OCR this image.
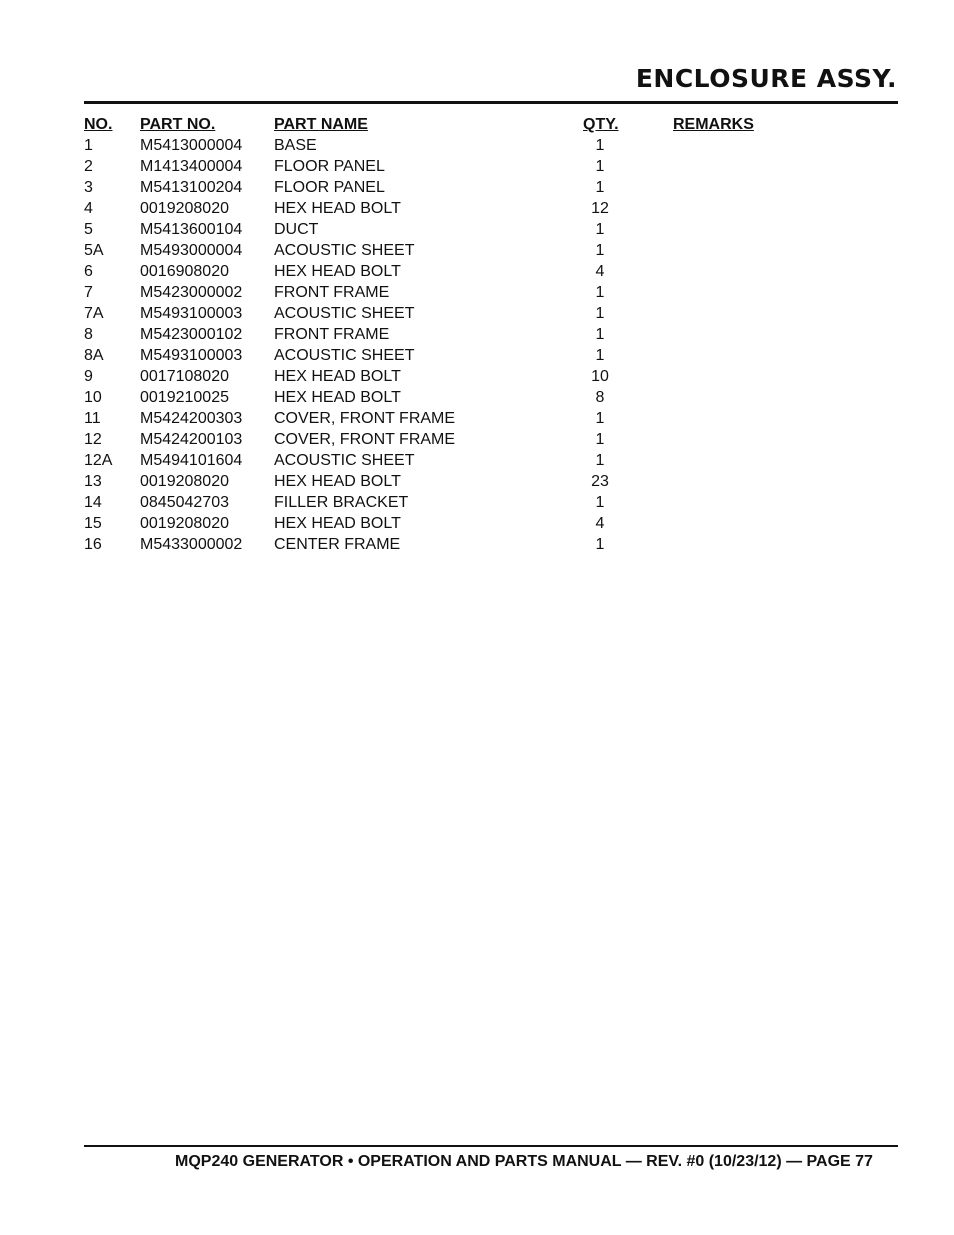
ENCLOSURE ASSY.
NO. PART NO.	PART NAME	QTY.	REMARKS
1	M5413000004 BASE	1
2	M1413400004 FLOOR PANEL	1
3	M5413100204 FLOOR PANEL	1
4	0019208020	HEX HEAD BOLT	12
5	M5413600104 DUCT	1
5A M5493000004 ACOUSTIC SHEET	1
6	0016908020	HEX HEAD BOLT	4
7	M5423000002 FRONT FRAME	1
7A M5493100003 ACOUSTIC SHEET	1
8	M5423000102 FRONT FRAME	1
8A M5493100003 ACOUSTIC SHEET	1
9	0017108020	HEX HEAD BOLT	10
10 0019210025	HEX HEAD BOLT	8
11 M5424200303 COVER, FRONT FRAME	1
12 M5424200103 COVER, FRONT FRAME	1
12A M5494101604 ACOUSTIC SHEET	1
13 0019208020	HEX HEAD BOLT	23
14 0845042703	FILLER BRACKET	1
15 0019208020	HEX HEAD BOLT	4
16 M5433000002 CENTER FRAME	1
MQP240 GENERATOR • OPERATION AND PARTS MANUAL — REV. #0 (10/23/12) — PAGE 77
